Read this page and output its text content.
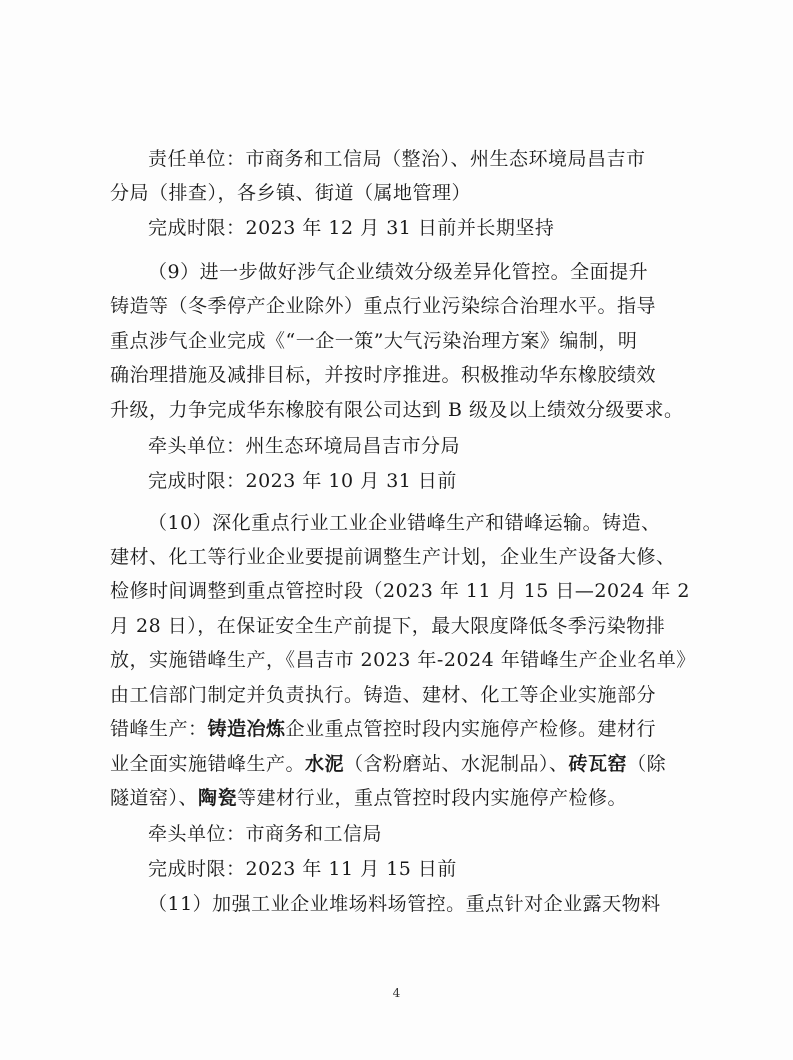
责任单位：市商务和工信局（整治）、州生态环境局昌吉市
分局（排查），各乡镇、街道（属地管理）
完成时限：2023 年 12 月 31 日前并长期坚持
（9）进一步做好涉气企业绩效分级差异化管控。全面提升
铸造等（冬季停产企业除外）重点行业污染综合治理水平。指导
重点涉气企业完成《“一企一策”大气污染治理方案》编制，明
确治理措施及减排目标，并按时序推进。积极推动华东橡胶绩效
升级，力争完成华东橡胶有限公司达到 B 级及以上绩效分级要求。
牵头单位：州生态环境局昌吉市分局
完成时限：2023 年 10 月 31 日前
（10）深化重点行业工业企业错峰生产和错峰运输。铸造、
建材、化工等行业企业要提前调整生产计划，企业生产设备大修、
检修时间调整到重点管控时段（2023 年 11 月 15 日—2024 年 2
月 28 日），在保证安全生产前提下，最大限度降低冬季污染物排
放，实施错峰生产，《昌吉市 2023 年-2024 年错峰生产企业名单》
由工信部门制定并负责执行。铸造、建材、化工等企业实施部分
错峰生产：铸造冶炼企业重点管控时段内实施停产检修。建材行
业全面实施错峰生产。水泥（含粉磨站、水泥制品）、砖瓦窑（除
隧道窑）、陶瓷等建材行业，重点管控时段内实施停产检修。
牵头单位：市商务和工信局
完成时限：2023 年 11 月 15 日前
（11）加强工业企业堆场料场管控。重点针对企业露天物料
4
